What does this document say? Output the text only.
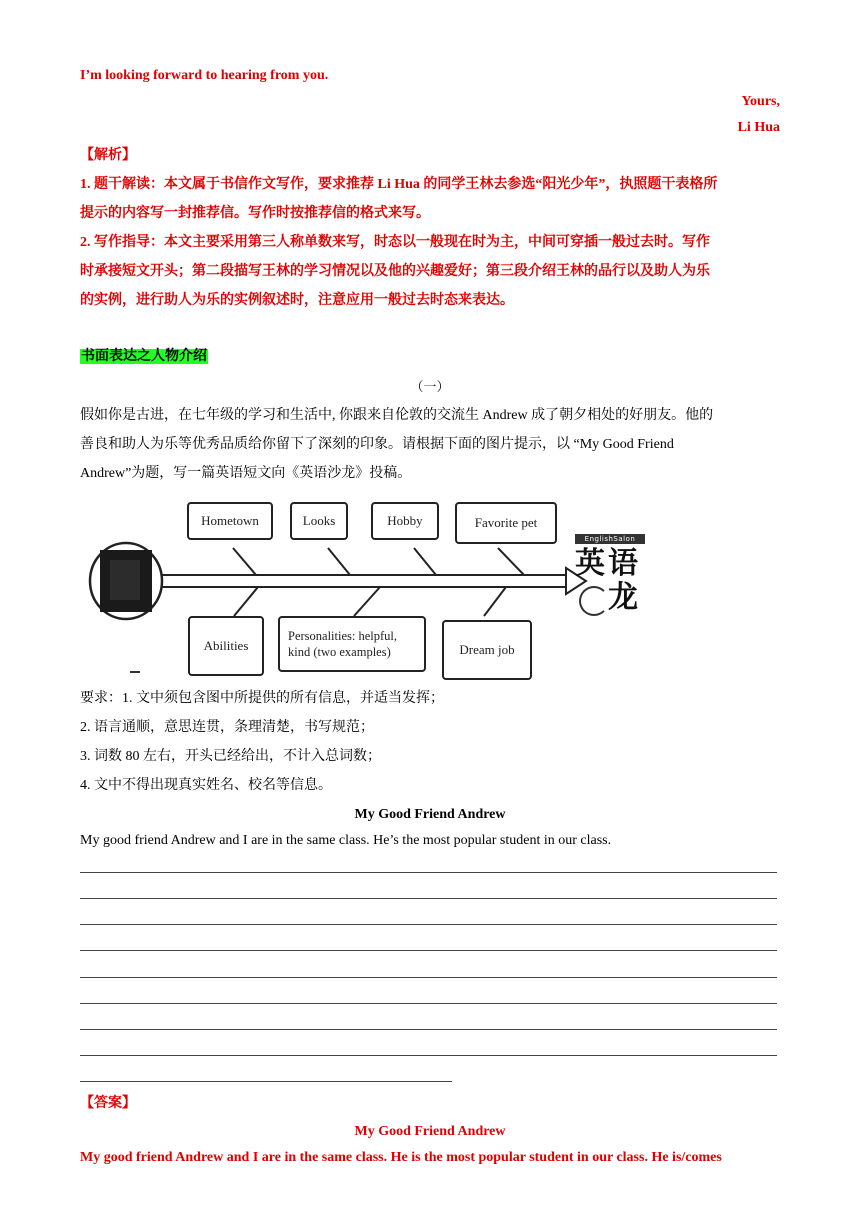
I’m looking forward to hearing from you.
Yours,
Li Hua
【解析】
1. 题干解读：本文属于书信作文写作，要求推荐 Li Hua 的同学王林去参选“阳光少年”，执照题干表格所
提示的内容写一封推荐信。写作时按推荐信的格式来写。
2. 写作指导：本文主要采用第三人称单数来写，时态以一般现在时为主，中间可穿插一般过去时。写作
时承接短文开头；第二段描写王林的学习情况以及他的兴趣爱好；第三段介绍王林的品行以及助人为乐
的实例，进行助人为乐的实例叙述时，注意应用一般过去时态来表达。
书面表达之人物介绍
（一）
假如你是古进，在七年级的学习和生活中, 你跟来自伦敦的交流生 Andrew 成了朝夕相处的好朋友。他的
善良和助人为乐等优秀品质给你留下了深刻的印象。请根据下面的图片提示，以 “My Good Friend
Andrew”为题，写一篇英语短文向《英语沙龙》投稿。
Hometown	Looks	Hobby	Favorite pet
Abilities
Personalities: helpful,
kind (two examples)	Dream job
EnglishSalon
英 语
龙
要求：1. 文中须包含图中所提供的所有信息，并适当发挥；
2. 语言通顺，意思连贯，条理清楚，书写规范；
3. 词数 80 左右，开头已经给出，不计入总词数；
4. 文中不得出现真实姓名、校名等信息。
My Good Friend Andrew
My good friend Andrew and I are in the same class. He’s the most popular student in our class.
【答案】
My Good Friend Andrew
My good friend Andrew and I are in the same class. He is the most popular student in our class. He is/comes
